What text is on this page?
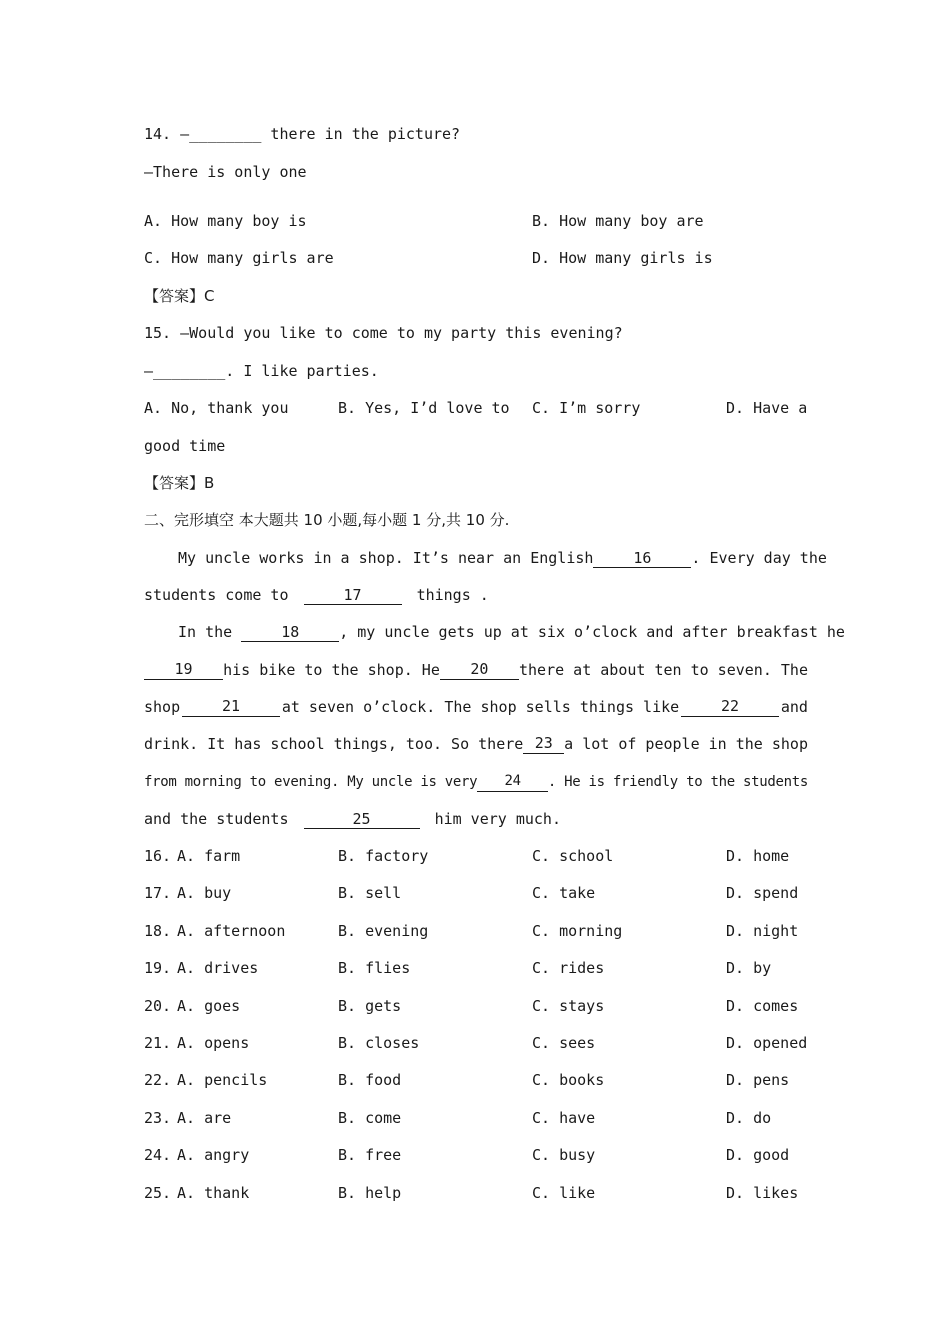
14. —________ there in the picture?
—There is only one
A. How many boy is	B. How many boy are
C. How many girls are	D. How many girls is
【答案】C
15. —Would you like to come to my party this evening?
—________. I like parties.
A. No, thank you	B. Yes, I’d love to C. I’m sorry	D. Have a
good time
【答案】B
二、完形填空 本大题共 10 小题,每小题 1 分,共 10 分.
My uncle works in a shop. It’s near an English	16	. Every day the
students come to	17	things .
In the	18	, my uncle gets up at six o’clock and after breakfast he
19	his bike to the shop. He	20	there at about ten to seven. The
shop	21	at seven o’clock. The shop sells things like	22	and
drink. It has school things, too. So there 23 a lot of people in the shop
from morning to evening. My uncle is very	24	. He is friendly to the students
and the students	25	him very much.
16. A. farm	B. factory	C. school	D. home
17. A. buy	B. sell	C. take	D. spend
18. A. afternoon	B. evening	C. morning	D. night
19. A. drives	B. flies	C. rides	D. by
20. A. goes	B. gets	C. stays	D. comes
21. A. opens	B. closes	C. sees	D. opened
22. A. pencils	B. food	C. books	D. pens
23. A. are	B. come	C. have	D. do
24. A. angry	B. free	C. busy	D. good
25. A. thank	B. help	C. like	D. likes
